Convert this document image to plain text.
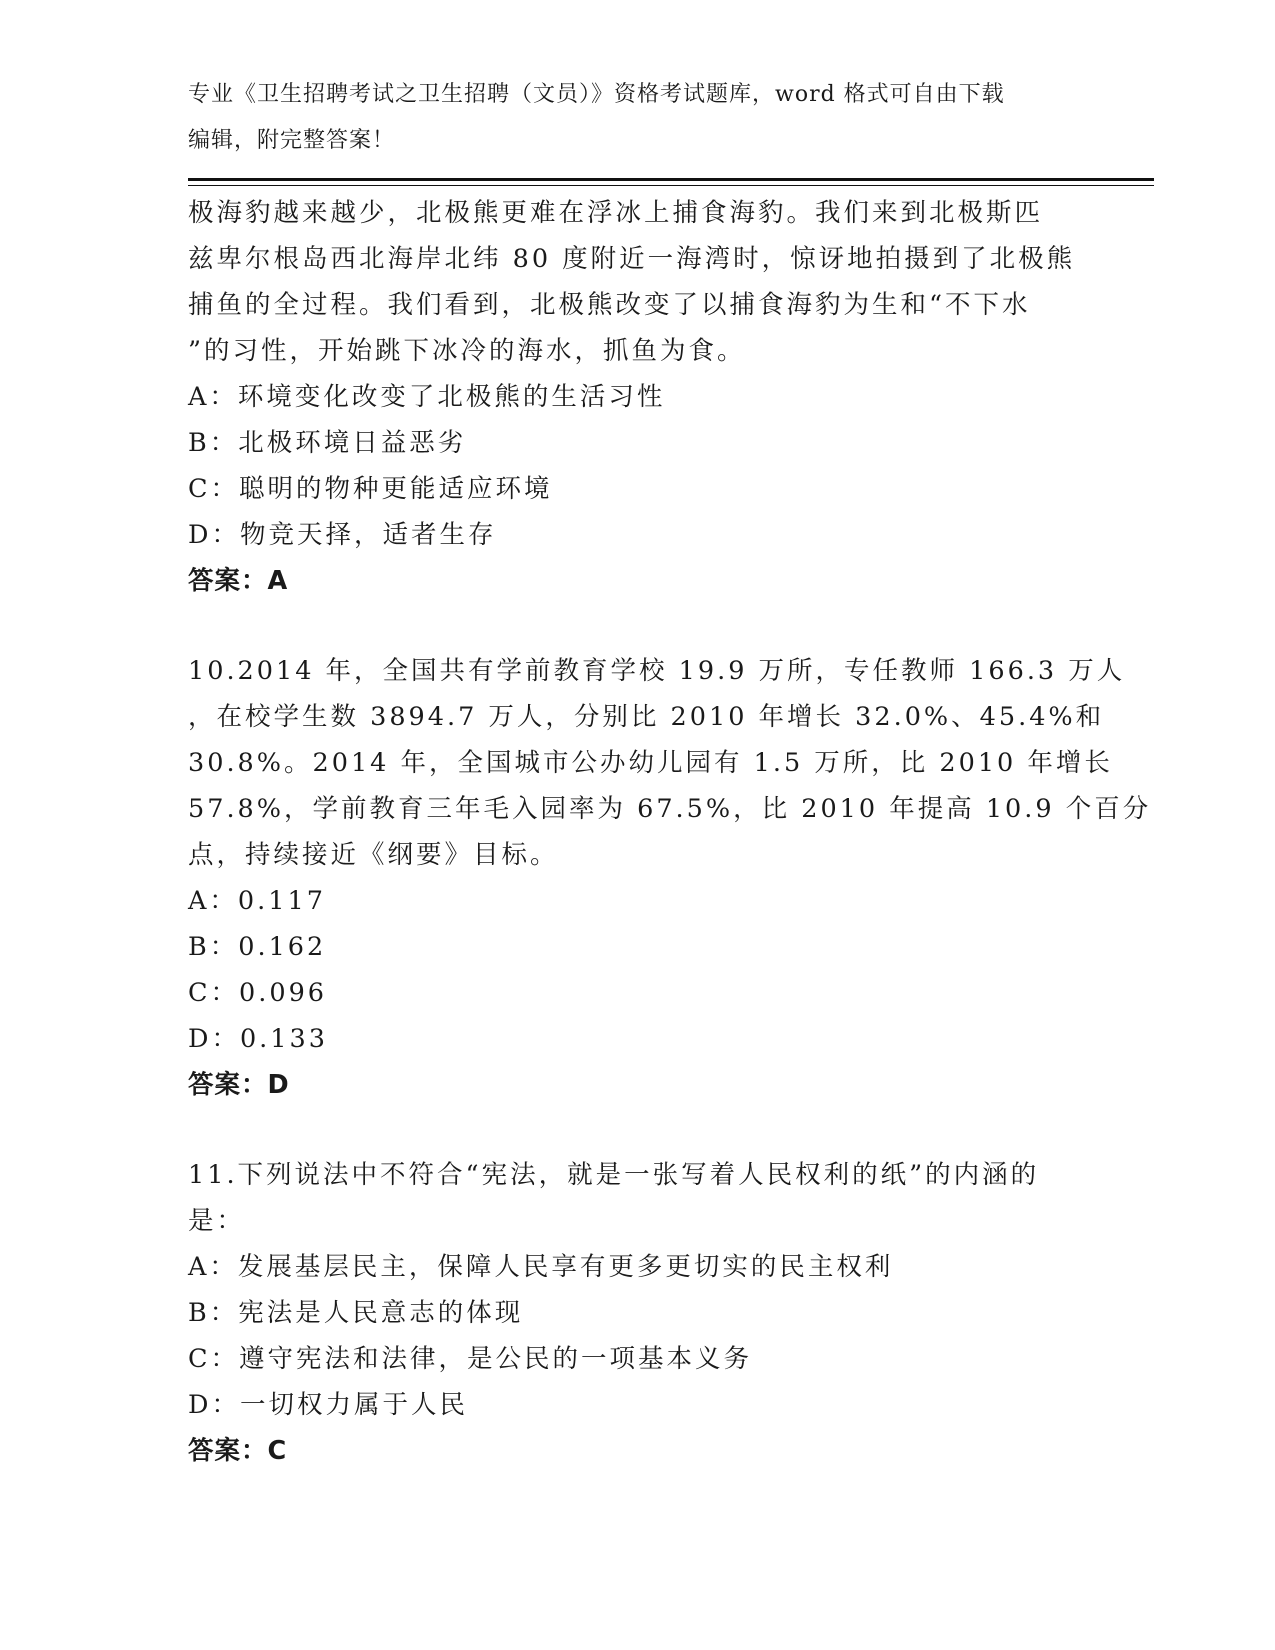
专业《卫生招聘考试之卫生招聘（文员）》资格考试题库，word 格式可自由下载
编辑，附完整答案！
极海豹越来越少，北极熊更难在浮冰上捕食海豹。我们来到北极斯匹
兹卑尔根岛西北海岸北纬 80 度附近一海湾时，惊讶地拍摄到了北极熊
捕鱼的全过程。我们看到，北极熊改变了以捕食海豹为生和“不下水
”的习性，开始跳下冰冷的海水，抓鱼为食。
A：环境变化改变了北极熊的生活习性
B：北极环境日益恶劣
C：聪明的物种更能适应环境
D：物竞天择，适者生存
答案：A
10.2014 年，全国共有学前教育学校 19.9 万所，专任教师 166.3 万人
，在校学生数 3894.7 万人，分别比 2010 年增长 32.0%、45.4%和
30.8%。2014 年，全国城市公办幼儿园有 1.5 万所，比 2010 年增长
57.8%，学前教育三年毛入园率为 67.5%，比 2010 年提高 10.9 个百分
点，持续接近《纲要》目标。
A：0.117
B：0.162
C：0.096
D：0.133
答案：D
11.下列说法中不符合“宪法，就是一张写着人民权利的纸”的内涵的
是：
A：发展基层民主，保障人民享有更多更切实的民主权利
B：宪法是人民意志的体现
C：遵守宪法和法律，是公民的一项基本义务
D：一切权力属于人民
答案：C
